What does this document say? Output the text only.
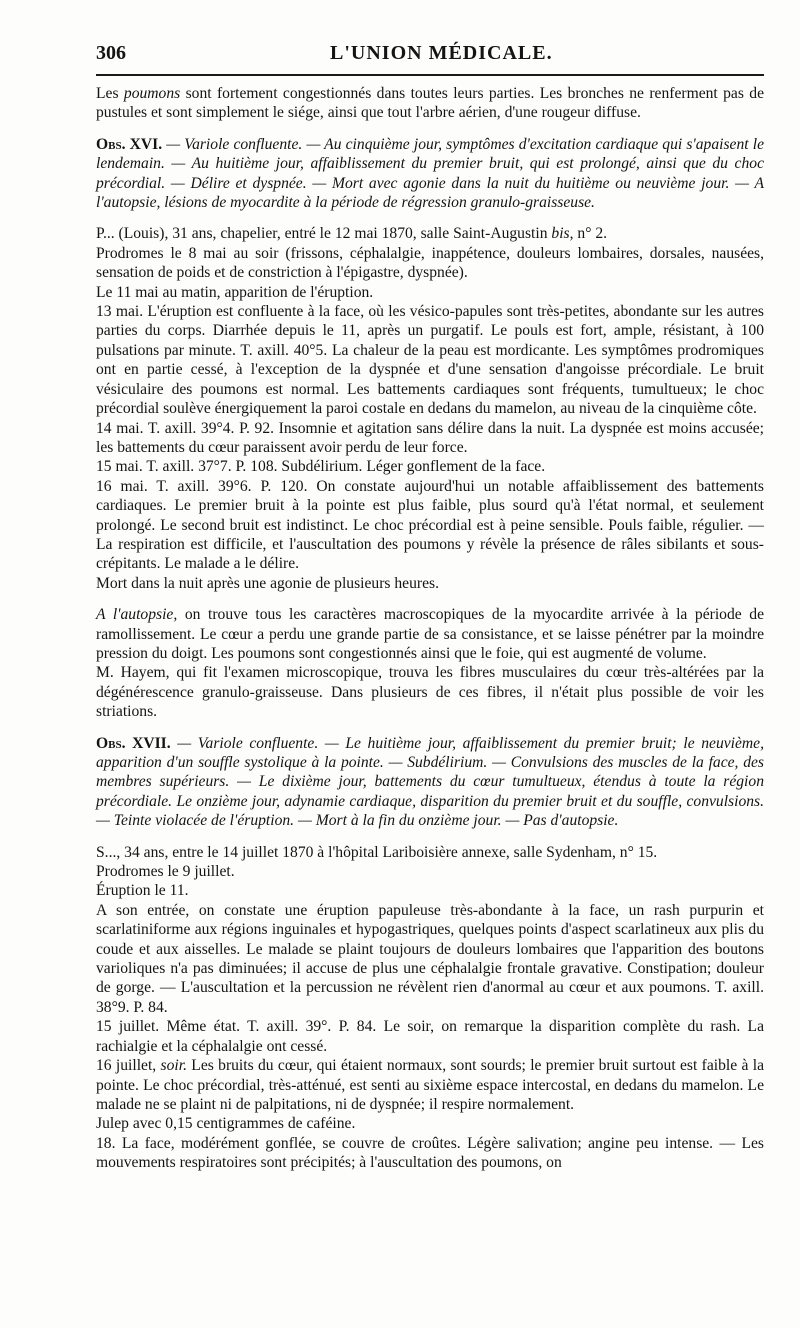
306	L'UNION MÉDICALE.

Les poumons sont fortement congestionnés dans toutes leurs parties. Les bronches ne renferment pas de pustules et sont simplement le siége, ainsi que tout l'arbre aérien, d'une rougeur diffuse.

Obs. XVI. — Variole confluente. — Au cinquième jour, symptômes d'excitation cardiaque qui s'apaisent le lendemain. — Au huitième jour, affaiblissement du premier bruit, qui est prolongé, ainsi que du choc précordial. — Délire et dyspnée. — Mort avec agonie dans la nuit du huitième ou neuvième jour. — A l'autopsie, lésions de myocardite à la période de régression granulo-graisseuse.

P... (Louis), 31 ans, chapelier, entré le 12 mai 1870, salle Saint-Augustin bis, n° 2.

Prodromes le 8 mai au soir (frissons, céphalalgie, inappétence, douleurs lombaires, dorsales, nausées, sensation de poids et de constriction à l'épigastre, dyspnée).

Le 11 mai au matin, apparition de l'éruption.

13 mai. L'éruption est confluente à la face, où les vésico-papules sont très-petites, abondante sur les autres parties du corps. Diarrhée depuis le 11, après un purgatif. Le pouls est fort, ample, résistant, à 100 pulsations par minute. T. axill. 40°5. La chaleur de la peau est mordicante. Les symptômes prodromiques ont en partie cessé, à l'exception de la dyspnée et d'une sensation d'angoisse précordiale. Le bruit vésiculaire des poumons est normal. Les battements cardiaques sont fréquents, tumultueux; le choc précordial soulève énergiquement la paroi costale en dedans du mamelon, au niveau de la cinquième côte.

14 mai. T. axill. 39°4. P. 92. Insomnie et agitation sans délire dans la nuit. La dyspnée est moins accusée; les battements du cœur paraissent avoir perdu de leur force.

15 mai. T. axill. 37°7. P. 108. Subdélirium. Léger gonflement de la face.

16 mai. T. axill. 39°6. P. 120. On constate aujourd'hui un notable affaiblissement des battements cardiaques. Le premier bruit à la pointe est plus faible, plus sourd qu'à l'état normal, et seulement prolongé. Le second bruit est indistinct. Le choc précordial est à peine sensible. Pouls faible, régulier. — La respiration est difficile, et l'auscultation des poumons y révèle la présence de râles sibilants et sous-crépitants. Le malade a le délire.

Mort dans la nuit après une agonie de plusieurs heures.

A l'autopsie, on trouve tous les caractères macroscopiques de la myocardite arrivée à la période de ramollissement. Le cœur a perdu une grande partie de sa consistance, et se laisse pénétrer par la moindre pression du doigt. Les poumons sont congestionnés ainsi que le foie, qui est augmenté de volume.

M. Hayem, qui fit l'examen microscopique, trouva les fibres musculaires du cœur très-altérées par la dégénérescence granulo-graisseuse. Dans plusieurs de ces fibres, il n'était plus possible de voir les striations.

Obs. XVII. — Variole confluente. — Le huitième jour, affaiblissement du premier bruit; le neuvième, apparition d'un souffle systolique à la pointe. — Subdélirium. — Convulsions des muscles de la face, des membres supérieurs. — Le dixième jour, battements du cœur tumultueux, étendus à toute la région précordiale. Le onzième jour, adynamie cardiaque, disparition du premier bruit et du souffle, convulsions. — Teinte violacée de l'éruption. — Mort à la fin du onzième jour. — Pas d'autopsie.

S..., 34 ans, entre le 14 juillet 1870 à l'hôpital Lariboisière annexe, salle Sydenham, n° 15.

Prodromes le 9 juillet.

Éruption le 11.

A son entrée, on constate une éruption papuleuse très-abondante à la face, un rash purpurin et scarlatiniforme aux régions inguinales et hypogastriques, quelques points d'aspect scarlatineux aux plis du coude et aux aisselles. Le malade se plaint toujours de douleurs lombaires que l'apparition des boutons varioliques n'a pas diminuées; il accuse de plus une céphalalgie frontale gravative. Constipation; douleur de gorge. — L'auscultation et la percussion ne révèlent rien d'anormal au cœur et aux poumons. T. axill. 38°9. P. 84.

15 juillet. Même état. T. axill. 39°. P. 84. Le soir, on remarque la disparition complète du rash. La rachialgie et la céphalalgie ont cessé.

16 juillet, soir. Les bruits du cœur, qui étaient normaux, sont sourds; le premier bruit surtout est faible à la pointe. Le choc précordial, très-atténué, est senti au sixième espace intercostal, en dedans du mamelon. Le malade ne se plaint ni de palpitations, ni de dyspnée; il respire normalement.

Julep avec 0,15 centigrammes de caféine.

18. La face, modérément gonflée, se couvre de croûtes. Légère salivation; angine peu intense. — Les mouvements respiratoires sont précipités; à l'auscultation des poumons, on
